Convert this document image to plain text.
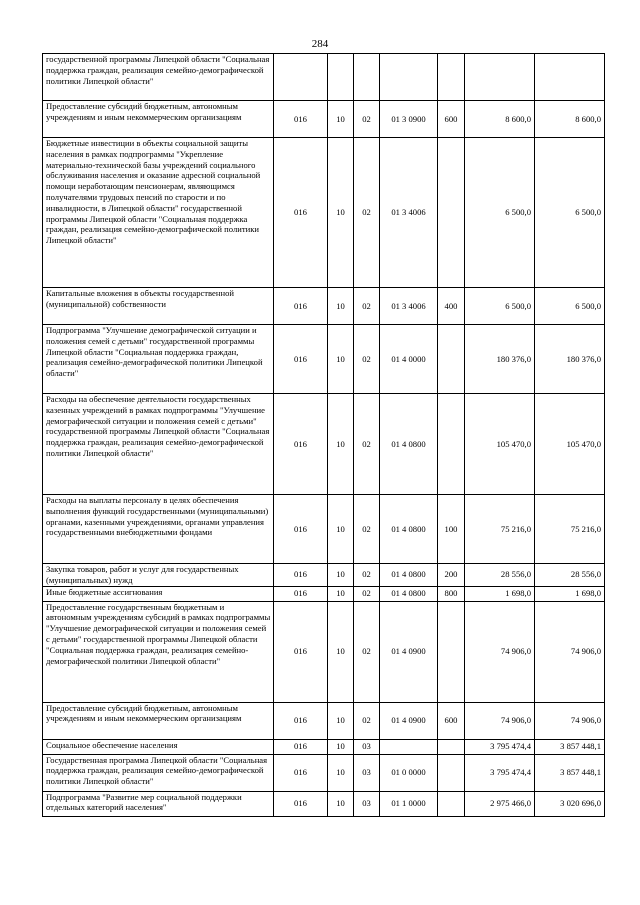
284
государственной программы Липецкой области "Социальная поддержка граждан, реализация семейно-демографической политики Липецкой области"							
Предоставление субсидий бюджетным, автономным учреждениям и иным некоммерческим организациям	016	10	02	01 3 0900	600	8 600,0	8 600,0
Бюджетные инвестиции в объекты социальной защиты населения в рамках подпрограммы "Укрепление материально-технической базы учреждений социального обслуживания населения и оказание адресной социальной помощи неработающим пенсионерам, являющимся получателями трудовых пенсий по старости и по инвалидности, в Липецкой области" государственной программы Липецкой области "Социальная поддержка граждан, реализация семейно-демографической политики Липецкой области"	016	10	02	01 3 4006		6 500,0	6 500,0
Капитальные вложения в объекты государственной (муниципальной) собственности	016	10	02	01 3 4006	400	6 500,0	6 500,0
Подпрограмма "Улучшение демографической ситуации и положения семей с детьми" государственной программы Липецкой области "Социальная поддержка граждан, реализация семейно-демографической политики Липецкой области"	016	10	02	01 4 0000		180 376,0	180 376,0
Расходы на обеспечение деятельности государственных казенных учреждений в рамках подпрограммы "Улучшение демографической ситуации и положения семей с детьми" государственной программы Липецкой области "Социальная поддержка граждан, реализация семейно-демографической политики Липецкой области"	016	10	02	01 4 0800		105 470,0	105 470,0
Расходы на выплаты персоналу в целях обеспечения выполнения функций государственными (муниципальными) органами, казенными учреждениями, органами управления государственными внебюджетными фондами	016	10	02	01 4 0800	100	75 216,0	75 216,0
Закупка товаров, работ и услуг для государственных (муниципальных) нужд	016	10	02	01 4 0800	200	28 556,0	28 556,0
Иные бюджетные ассигнования	016	10	02	01 4 0800	800	1 698,0	1 698,0
Предоставление государственным бюджетным и автономным учреждениям субсидий в рамках подпрограммы "Улучшение демографической ситуации и положения семей с детьми" государственной программы Липецкой области "Социальная поддержка граждан, реализация семейно-демографической политики Липецкой области"	016	10	02	01 4 0900		74 906,0	74 906,0
Предоставление субсидий бюджетным, автономным учреждениям и иным некоммерческим организациям	016	10	02	01 4 0900	600	74 906,0	74 906,0
Социальное обеспечение населения	016	10	03			3 795 474,4	3 857 448,1
Государственная программа Липецкой области "Социальная поддержка граждан, реализация семейно-демографической политики Липецкой области"	016	10	03	01 0 0000		3 795 474,4	3 857 448,1
Подпрограмма "Развитие мер социальной поддержки отдельных категорий населения"	016	10	03	01 1 0000		2 975 466,0	3 020 696,0
